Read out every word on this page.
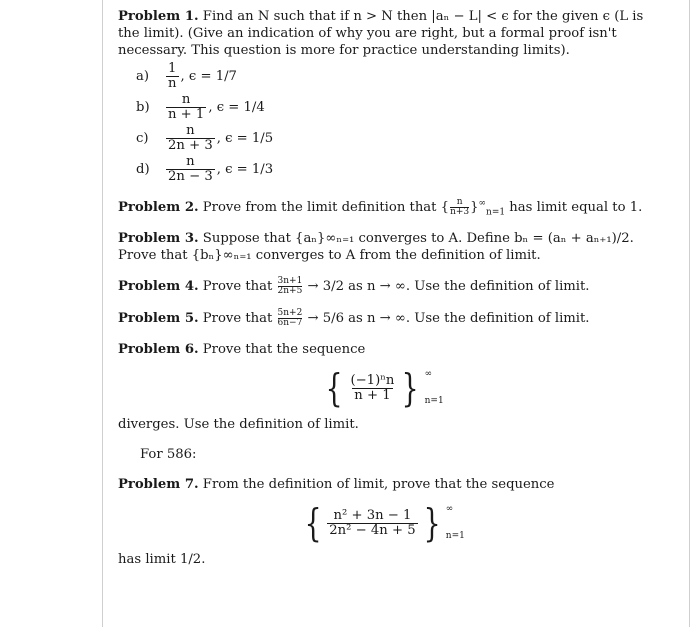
Problem 1. Find an N such that if n > N then |aₙ − L| < ϵ for the given ϵ (L is the limit). (Give an indication of why you are right, but a formal proof isn't necessary. This question is more for practice understanding limits).

a)	$\frac{1}{n}$ , ϵ = 1/7
b)	$\frac{n}{n + 1}$ , ϵ = 1/4
c)	$\frac{n}{2n + 3}$ , ϵ = 1/5
d)	$\frac{n}{2n - 3}$ , ϵ = 1/3

Problem 2. Prove from the limit definition that { $\frac{n}{n+3} \}^\infty_{n=1}$ has limit equal to 1.

Problem 3. Suppose that {aₙ}∞ₙ₌₁ converges to A. Define bₙ = (aₙ + aₙ₊₁)/2. Prove that {bₙ}∞ₙ₌₁ converges to A from the definition of limit.

Problem 4. Prove that $\frac{3n+1}{2n+5} \to 3/2$ as n → ∞. Use the definition of limit.

Problem 5. Prove that $\frac{5n+2}{6n-7} \to 5/6$ as n → ∞. Use the definition of limit.

Problem 6. Prove that the sequence

{ $\frac{\text{(−1)ⁿn}}{n + 1}$ } ∞
n=1

diverges. Use the definition of limit.

For 586:

Problem 7. From the definition of limit, prove that the sequence

{ $\frac{\text{n² + 3n − 1}}{\text{2n² − 4n + 5}}$ } ∞
n=1

has limit 1/2.
